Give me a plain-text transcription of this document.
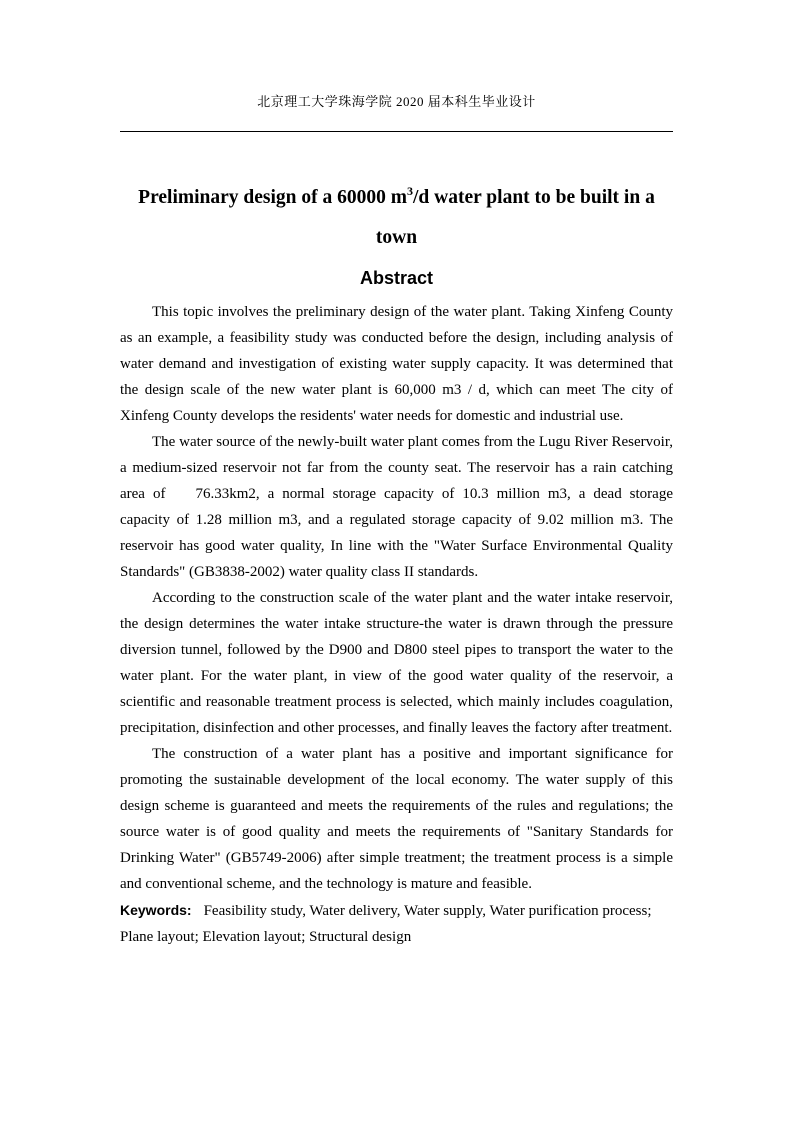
北京理工大学珠海学院 2020 届本科生毕业设计
Preliminary design of a 60000 $m^3/d$ water plant to be built in a town
Abstract

This topic involves the preliminary design of the water plant. Taking Xinfeng County as an example, a feasibility study was conducted before the design, including analysis of water demand and investigation of existing water supply capacity. It was determined that the design scale of the new water plant is 60,000 m3 / d, which can meet The city of Xinfeng County develops the residents' water needs for domestic and industrial use.

The water source of the newly-built water plant comes from the Lugu River Reservoir, a medium-sized reservoir not far from the county seat. The reservoir has a rain catching area of 76.33km2, a normal storage capacity of 10.3 million m3, a dead storage capacity of 1.28 million m3, and a regulated storage capacity of 9.02 million m3. The reservoir has good water quality, In line with the "Water Surface Environmental Quality Standards" (GB3838-2002) water quality class II standards.

According to the construction scale of the water plant and the water intake reservoir, the design determines the water intake structure-the water is drawn through the pressure diversion tunnel, followed by the D900 and D800 steel pipes to transport the water to the water plant. For the water plant, in view of the good water quality of the reservoir, a scientific and reasonable treatment process is selected, which mainly includes coagulation, precipitation, disinfection and other processes, and finally leaves the factory after treatment.

The construction of a water plant has a positive and important significance for promoting the sustainable development of the local economy. The water supply of this design scheme is guaranteed and meets the requirements of the rules and regulations; the source water is of good quality and meets the requirements of "Sanitary Standards for Drinking Water" (GB5749-2006) after simple treatment; the treatment process is a simple and conventional scheme, and the technology is mature and feasible.

Keywords: Feasibility study, Water delivery, Water supply, Water purification process; Plane layout; Elevation layout; Structural design
